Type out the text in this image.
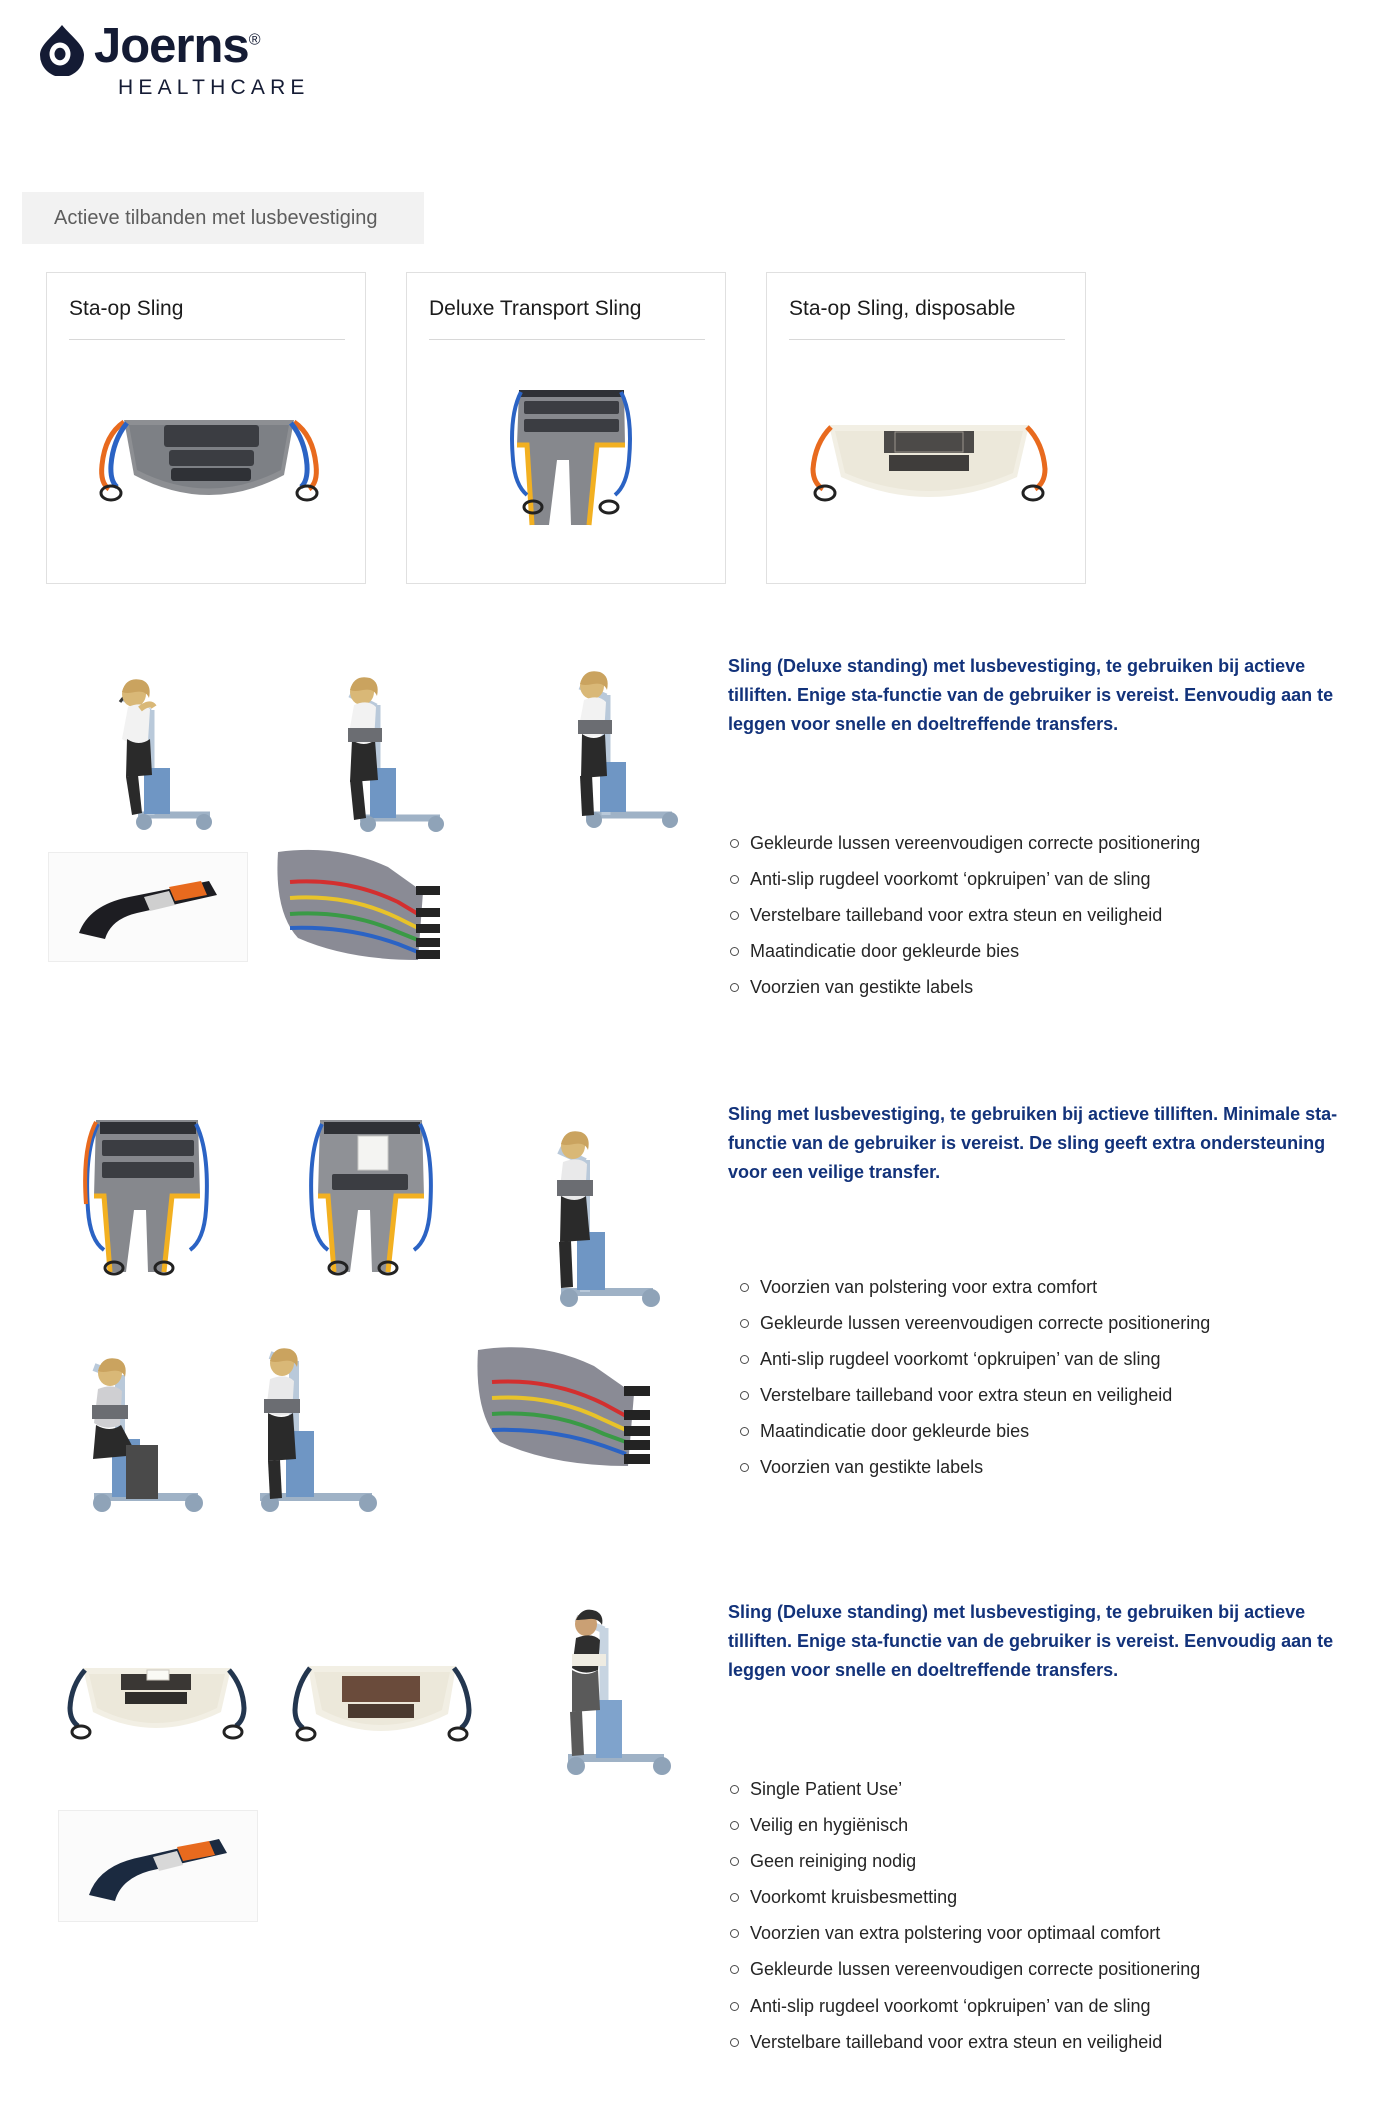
Joerns®
HEALTHCARE
Actieve tilbanden met lusbevestiging
Sta-op Sling	Deluxe Transport Sling	Sta-op Sling, disposable
Sling (Deluxe standing) met lusbevestiging, te gebruiken bij actieve tilliften. Enige sta-functie van de gebruiker is vereist. Eenvoudig aan te leggen voor snelle en doeltreffende transfers.
Gekleurde lussen vereenvoudigen correcte positionering
Anti-slip rugdeel voorkomt ‘opkruipen’ van de sling
Verstelbare tailleband voor extra steun en veiligheid
Maatindicatie door gekleurde bies
Voorzien van gestikte labels
Sling met lusbevestiging, te gebruiken bij actieve tilliften. Minimale sta-functie van de gebruiker is vereist. De sling geeft extra ondersteuning voor een veilige transfer.
Voorzien van polstering voor extra comfort
Gekleurde lussen vereenvoudigen correcte positionering
Anti-slip rugdeel voorkomt ‘opkruipen’ van de sling
Verstelbare tailleband voor extra steun en veiligheid
Maatindicatie door gekleurde bies
Voorzien van gestikte labels
Sling (Deluxe standing) met lusbevestiging, te gebruiken bij actieve tilliften. Enige sta-functie van de gebruiker is vereist. Eenvoudig aan te leggen voor snelle en doeltreffende transfers.
Single Patient Use’
Veilig en hygiënisch
Geen reiniging nodig
Voorkomt kruisbesmetting
Voorzien van extra polstering voor optimaal comfort
Gekleurde lussen vereenvoudigen correcte positionering
Anti-slip rugdeel voorkomt ‘opkruipen’ van de sling
Verstelbare tailleband voor extra steun en veiligheid
